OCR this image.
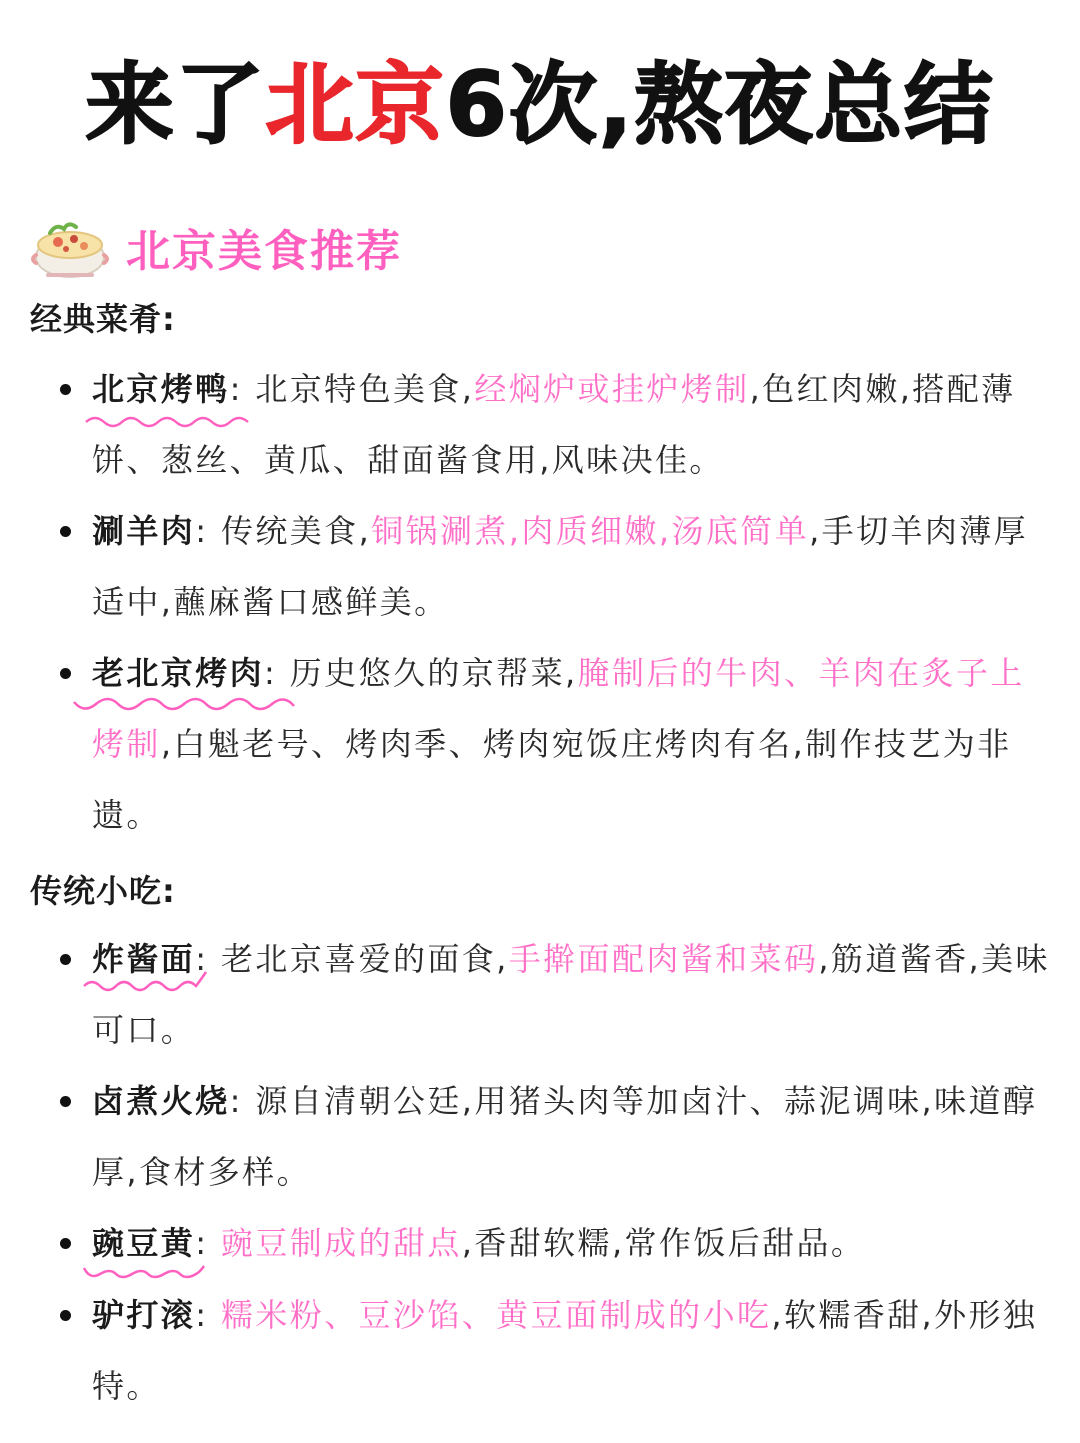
来了北京6次,熬夜总结
北京美食推荐
经典菜肴:
北京烤鸭: 北京特色美食,经焖炉或挂炉烤制,色红肉嫩,搭配薄饼、葱丝、黄瓜、甜面酱食用,风味决佳。
涮羊肉: 传统美食,铜锅涮煮,肉质细嫩,汤底简单,手切羊肉薄厚适中,蘸麻酱口感鲜美。
老北京烤肉: 历史悠久的京帮菜,腌制后的牛肉、羊肉在炙子上烤制,白魁老号、烤肉季、烤肉宛饭庄烤肉有名,制作技艺为非遗。
传统小吃:
炸酱面: 老北京喜爱的面食,手擀面配肉酱和菜码,筋道酱香,美味可口。
卤煮火烧: 源自清朝公廷,用猪头肉等加卤汁、蒜泥调味,味道醇厚,食材多样。
豌豆黄: 豌豆制成的甜点,香甜软糯,常作饭后甜品。
驴打滚: 糯米粉、豆沙馅、黄豆面制成的小吃,软糯香甜,外形独特。
